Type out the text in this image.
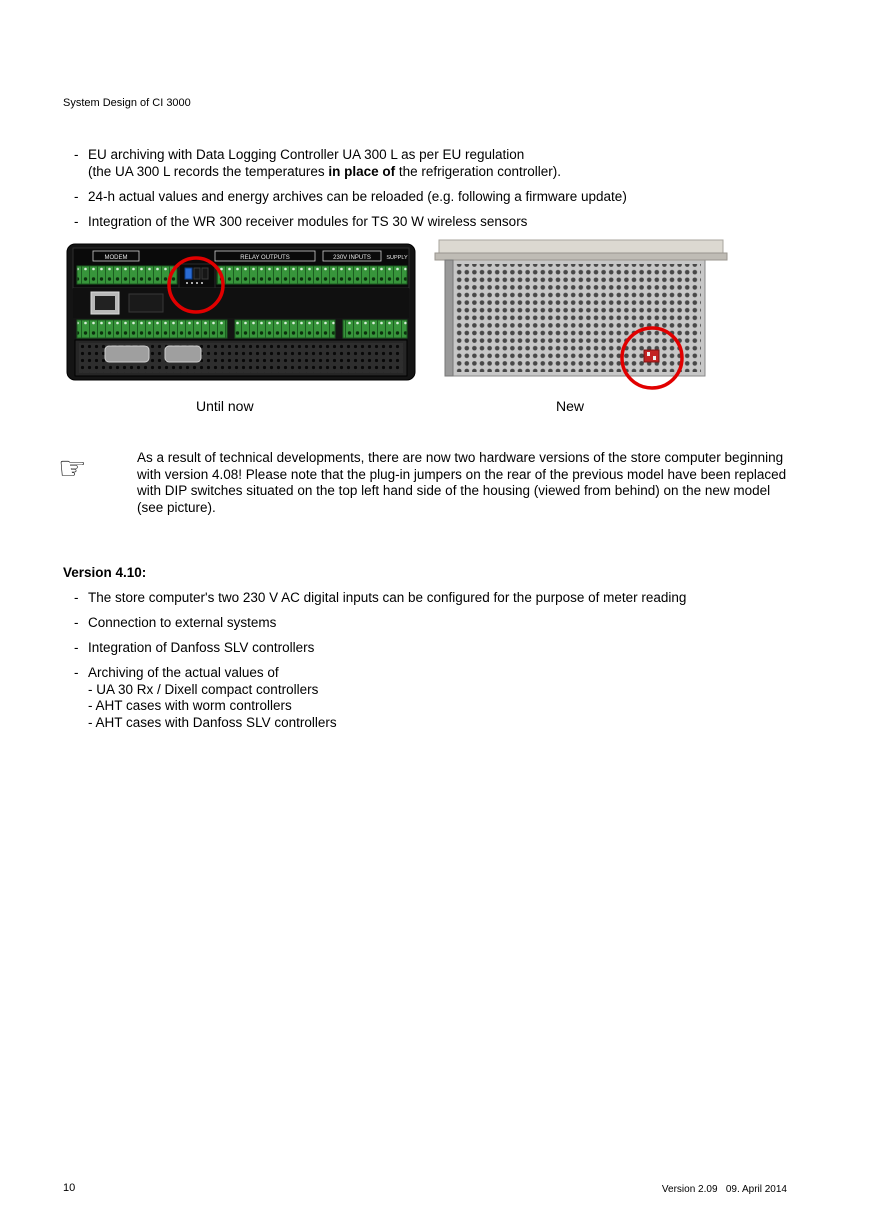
System Design of CI 3000
- EU archiving with Data Logging Controller UA 300 L as per EU regulation
(the UA 300 L records the temperatures in place of the refrigeration controller).
- 24-h actual values and energy archives can be reloaded (e.g. following a firmware update)
- Integration of the WR 300 receiver modules for TS 30 W wireless sensors
MODEM	RELAY OUTPUTS	230V INPUTS	SUPPLY
Until now	New
☞	As a result of technical developments, there are now two hardware versions of the store computer beginning with version 4.08! Please note that the plug-in jumpers on the rear of the previous model have been replaced with DIP switches situated on the top left hand side of the housing (viewed from behind) on the new model (see picture).

Version 4.10:
- The store computer's two 230 V AC digital inputs can be configured for the purpose of meter reading
- Connection to external systems
- Integration of Danfoss SLV controllers
- Archiving of the actual values of
- UA 30 Rx / Dixell compact controllers
- AHT cases with worm controllers
- AHT cases with Danfoss SLV controllers
10	Version 2.09   09. April 2014
